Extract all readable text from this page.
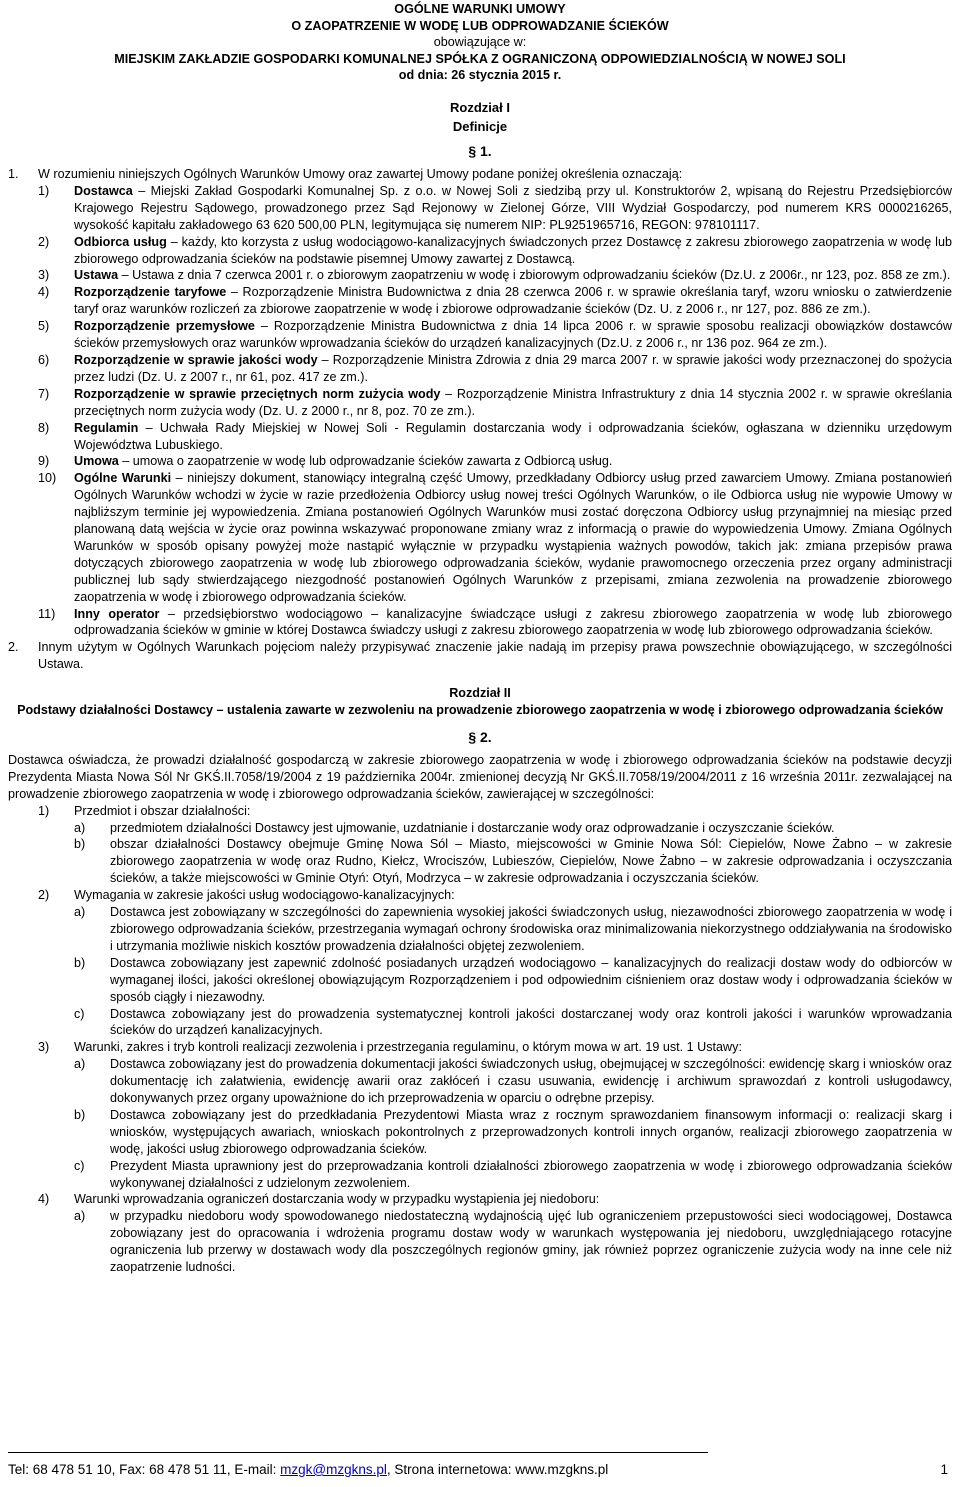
OGÓLNE WARUNKI UMOWY
O ZAOPATRZENIE W WODĘ LUB ODPROWADZANIE ŚCIEKÓW
obowiązujące w:
MIEJSKIM ZAKŁADZIE GOSPODARKI KOMUNALNEJ SPÓŁKA Z OGRANICZONĄ ODPOWIEDZIALNOŚCIĄ W NOWEJ SOLI
od dnia: 26 stycznia 2015 r.
Rozdział I
Definicje
§ 1.
1.	W rozumieniu niniejszych Ogólnych Warunków Umowy oraz zawartej Umowy podane poniżej określenia oznaczają:
1)	Dostawca – Miejski Zakład Gospodarki Komunalnej Sp. z o.o. w Nowej Soli z siedzibą przy ul. Konstruktorów 2, wpisaną do Rejestru Przedsiębiorców Krajowego Rejestru Sądowego, prowadzonego przez Sąd Rejonowy w Zielonej Górze, VIII Wydział Gospodarczy, pod numerem KRS 0000216265, wysokość kapitału zakładowego 63 620 500,00 PLN, legitymująca się numerem NIP: PL9251965716, REGON: 978101117.
2)	Odbiorca usług – każdy, kto korzysta z usług wodociągowo-kanalizacyjnych świadczonych przez Dostawcę z zakresu zbiorowego zaopatrzenia w wodę lub zbiorowego odprowadzania ścieków na podstawie pisemnej Umowy zawartej z Dostawcą.
3)	Ustawa – Ustawa z dnia 7 czerwca 2001 r. o zbiorowym zaopatrzeniu w wodę i zbiorowym odprowadzaniu ścieków (Dz.U. z 2006r., nr 123, poz. 858 ze zm.).
4)	Rozporządzenie taryfowe – Rozporządzenie Ministra Budownictwa z dnia 28 czerwca 2006 r. w sprawie określania taryf, wzoru wniosku o zatwierdzenie taryf oraz warunków rozliczeń za zbiorowe zaopatrzenie w wodę i zbiorowe odprowadzanie ścieków (Dz. U. z 2006 r., nr 127, poz. 886 ze zm.).
5)	Rozporządzenie przemysłowe – Rozporządzenie Ministra Budownictwa z dnia 14 lipca 2006 r. w sprawie sposobu realizacji obowiązków dostawców ścieków przemysłowych oraz warunków wprowadzania ścieków do urządzeń kanalizacyjnych (Dz.U. z 2006 r., nr 136 poz. 964 ze zm.).
6)	Rozporządzenie w sprawie jakości wody – Rozporządzenie Ministra Zdrowia z dnia 29 marca 2007 r. w sprawie jakości wody przeznaczonej do spożycia przez ludzi (Dz. U. z 2007 r., nr 61, poz. 417 ze zm.).
7)	Rozporządzenie w sprawie przeciętnych norm zużycia wody – Rozporządzenie Ministra Infrastruktury z dnia 14 stycznia 2002 r. w sprawie określania przeciętnych norm zużycia wody (Dz. U. z 2000 r., nr 8, poz. 70 ze zm.).
8)	Regulamin – Uchwała Rady Miejskiej w Nowej Soli - Regulamin dostarczania wody i odprowadzania ścieków, ogłaszana w dzienniku urzędowym Województwa Lubuskiego.
9)	Umowa – umowa o zaopatrzenie w wodę lub odprowadzanie ścieków zawarta z Odbiorcą usług.
10)	Ogólne Warunki – niniejszy dokument, stanowiący integralną część Umowy, przedkładany Odbiorcy usług przed zawarciem Umowy. Zmiana postanowień Ogólnych Warunków wchodzi w życie w razie przedłożenia Odbiorcy usług nowej treści Ogólnych Warunków, o ile Odbiorca usług nie wypowie Umowy w najbliższym terminie jej wypowiedzenia. Zmiana postanowień Ogólnych Warunków musi zostać doręczona Odbiorcy usług przynajmniej na miesiąc przed planowaną datą wejścia w życie oraz powinna wskazywać proponowane zmiany wraz z informacją o prawie do wypowiedzenia Umowy. Zmiana Ogólnych Warunków w sposób opisany powyżej może nastąpić wyłącznie w przypadku wystąpienia ważnych powodów, takich jak: zmiana przepisów prawa dotyczących zbiorowego zaopatrzenia w wodę lub zbiorowego odprowadzania ścieków, wydanie prawomocnego orzeczenia przez organy administracji publicznej lub sądy stwierdzającego niezgodność postanowień Ogólnych Warunków z przepisami, zmiana zezwolenia na prowadzenie zbiorowego zaopatrzenia w wodę i zbiorowego odprowadzania ścieków.
11)	Inny operator – przedsiębiorstwo wodociągowo – kanalizacyjne świadczące usługi z zakresu zbiorowego zaopatrzenia w wodę lub zbiorowego odprowadzania ścieków w gminie w której Dostawca świadczy usługi z zakresu zbiorowego zaopatrzenia w wodę lub zbiorowego odprowadzania ścieków.
2.	Innym użytym w Ogólnych Warunkach pojęciom należy przypisywać znaczenie jakie nadają im przepisy prawa powszechnie obowiązującego, w szczególności Ustawa.
Rozdział II
Podstawy działalności Dostawcy – ustalenia zawarte w zezwoleniu na prowadzenie zbiorowego zaopatrzenia w wodę i zbiorowego odprowadzania ścieków
§ 2.
Dostawca oświadcza, że prowadzi działalność gospodarczą w zakresie zbiorowego zaopatrzenia w wodę i zbiorowego odprowadzania ścieków na podstawie decyzji Prezydenta Miasta Nowa Sól Nr GKŚ.II.7058/19/2004 z 19 października 2004r. zmienionej decyzją Nr GKŚ.II.7058/19/2004/2011 z 16 września 2011r. zezwalającej na prowadzenie zbiorowego zaopatrzenia w wodę i zbiorowego odprowadzania ścieków, zawierającej w szczególności:
1)	Przedmiot i obszar działalności:
a)	przedmiotem działalności Dostawcy jest ujmowanie, uzdatnianie i dostarczanie wody oraz odprowadzanie i oczyszczanie ścieków.
b)	obszar działalności Dostawcy obejmuje Gminę Nowa Sól – Miasto, miejscowości w Gminie Nowa Sól: Ciepielów, Nowe Żabno – w zakresie zbiorowego zaopatrzenia w wodę oraz Rudno, Kiełcz, Wrociszów, Lubieszów, Ciepielów, Nowe Żabno – w zakresie odprowadzania i oczyszczania ścieków, a także miejscowości w Gminie Otyń: Otyń, Modrzyca – w zakresie odprowadzania i oczyszczania ścieków.
2)	Wymagania w zakresie jakości usług wodociągowo-kanalizacyjnych:
a)	Dostawca jest zobowiązany w szczególności do zapewnienia wysokiej jakości świadczonych usług, niezawodności zbiorowego zaopatrzenia w wodę i zbiorowego odprowadzania ścieków, przestrzegania wymagań ochrony środowiska oraz minimalizowania niekorzystnego oddziaływania na środowisko i utrzymania możliwie niskich kosztów prowadzenia działalności objętej zezwoleniem.
b)	Dostawca zobowiązany jest zapewnić zdolność posiadanych urządzeń wodociągowo – kanalizacyjnych do realizacji dostaw wody do odbiorców w wymaganej ilości, jakości określonej obowiązującym Rozporządzeniem i pod odpowiednim ciśnieniem oraz dostaw wody i odprowadzania ścieków w sposób ciągły i niezawodny.
c)	Dostawca zobowiązany jest do prowadzenia systematycznej kontroli jakości dostarczanej wody oraz kontroli jakości i warunków wprowadzania ścieków do urządzeń kanalizacyjnych.
3)	Warunki, zakres i tryb kontroli realizacji zezwolenia i przestrzegania regulaminu, o którym mowa w art. 19 ust. 1 Ustawy:
a)	Dostawca zobowiązany jest do prowadzenia dokumentacji jakości świadczonych usług, obejmującej w szczególności: ewidencję skarg i wniosków oraz dokumentację ich załatwienia, ewidencję awarii oraz zakłóceń i czasu usuwania, ewidencję i archiwum sprawozdań z kontroli usługodawcy, dokonywanych przez organy upoważnione do ich przeprowadzenia w oparciu o odrębne przepisy.
b)	Dostawca zobowiązany jest do przedkładania Prezydentowi Miasta wraz z rocznym sprawozdaniem finansowym informacji o: realizacji skarg i wniosków, występujących awariach, wnioskach pokontrolnych z przeprowadzonych kontroli innych organów, realizacji zbiorowego zaopatrzenia w wodę, jakości usług zbiorowego odprowadzania ścieków.
c)	Prezydent Miasta uprawniony jest do przeprowadzania kontroli działalności zbiorowego zaopatrzenia w wodę i zbiorowego odprowadzania ścieków wykonywanej działalności z udzielonym zezwoleniem.
4)	Warunki wprowadzania ograniczeń dostarczania wody w przypadku wystąpienia jej niedoboru:
a)	w przypadku niedoboru wody spowodowanego niedostateczną wydajnością ujęć lub ograniczeniem przepustowości sieci wodociągowej, Dostawca zobowiązany jest do opracowania i wdrożenia programu dostaw wody w warunkach występowania jej niedoboru, uwzględniającego rotacyjne ograniczenia lub przerwy w dostawach wody dla poszczególnych regionów gminy, jak również poprzez ograniczenie zużycia wody na inne cele niż zaopatrzenie ludności.
Tel: 68 478 51 10, Fax: 68 478 51 11, E-mail: mzgk@mzgkns.pl, Strona internetowa: www.mzgkns.pl	1
